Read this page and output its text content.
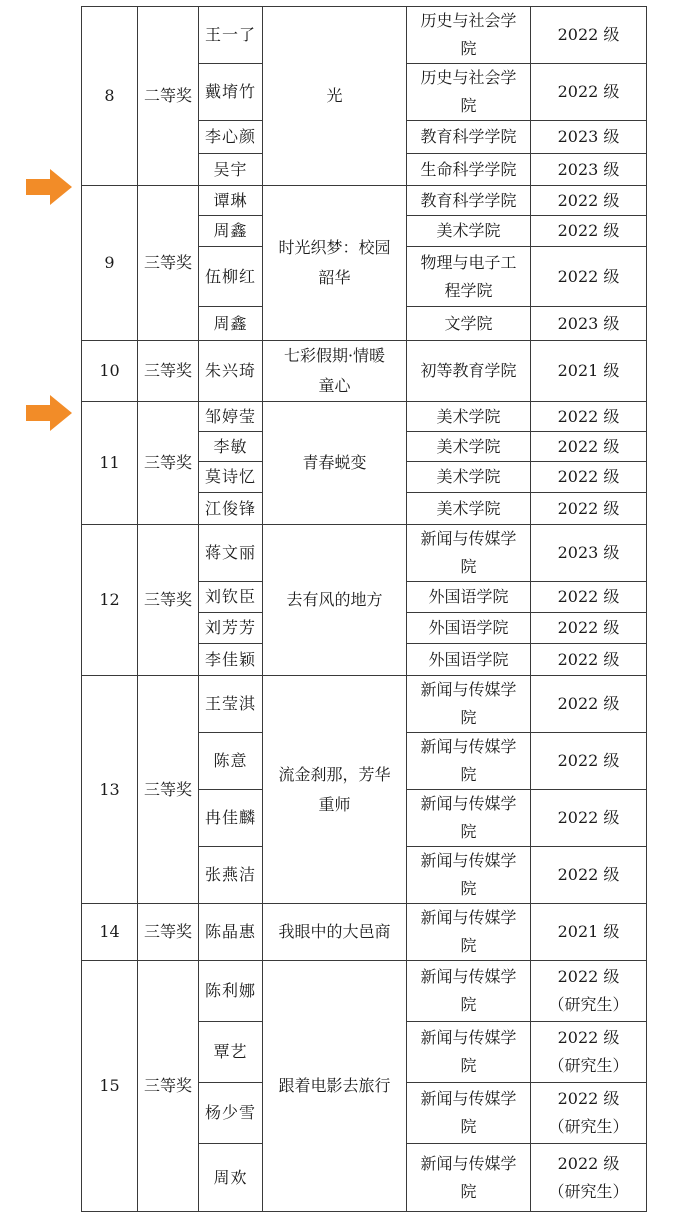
8	二等奖	王一了	光	历史与社会学院	2022 级

		戴堉竹		历史与社会学院	2022 级

		李心颜		教育科学学院	2023 级

		吴宇		生命科学学院	2023 级

9	三等奖	谭琳	时光织梦：校园韶华	教育科学学院	2022 级

		周鑫		美术学院	2022 级

		伍柳红		物理与电子工程学院	2022 级

		周鑫		文学院	2023 级

10	三等奖	朱兴琦	七彩假期·情暖童心	初等教育学院	2021 级

11	三等奖	邹婷莹	青春蜕变	美术学院	2022 级

		李敏		美术学院	2022 级

		莫诗忆		美术学院	2022 级

		江俊锋		美术学院	2022 级

12	三等奖	蒋文丽	去有风的地方	新闻与传媒学院	2023 级

		刘钦臣		外国语学院	2022 级

		刘芳芳		外国语学院	2022 级

		李佳颖		外国语学院	2022 级

13	三等奖	王莹淇	流金刹那，芳华重师	新闻与传媒学院	2022 级

		陈意		新闻与传媒学院	2022 级

		冉佳麟		新闻与传媒学院	2022 级

		张燕洁		新闻与传媒学院	2022 级

14	三等奖	陈晶惠	我眼中的大邑商	新闻与传媒学院	2021 级

15	三等奖	陈利娜	跟着电影去旅行	新闻与传媒学院	2022 级
（研究生）

		覃艺		新闻与传媒学院	2022 级
（研究生）

		杨少雪		新闻与传媒学院	2022 级
（研究生）

		周欢		新闻与传媒学院	2022 级
（研究生）
